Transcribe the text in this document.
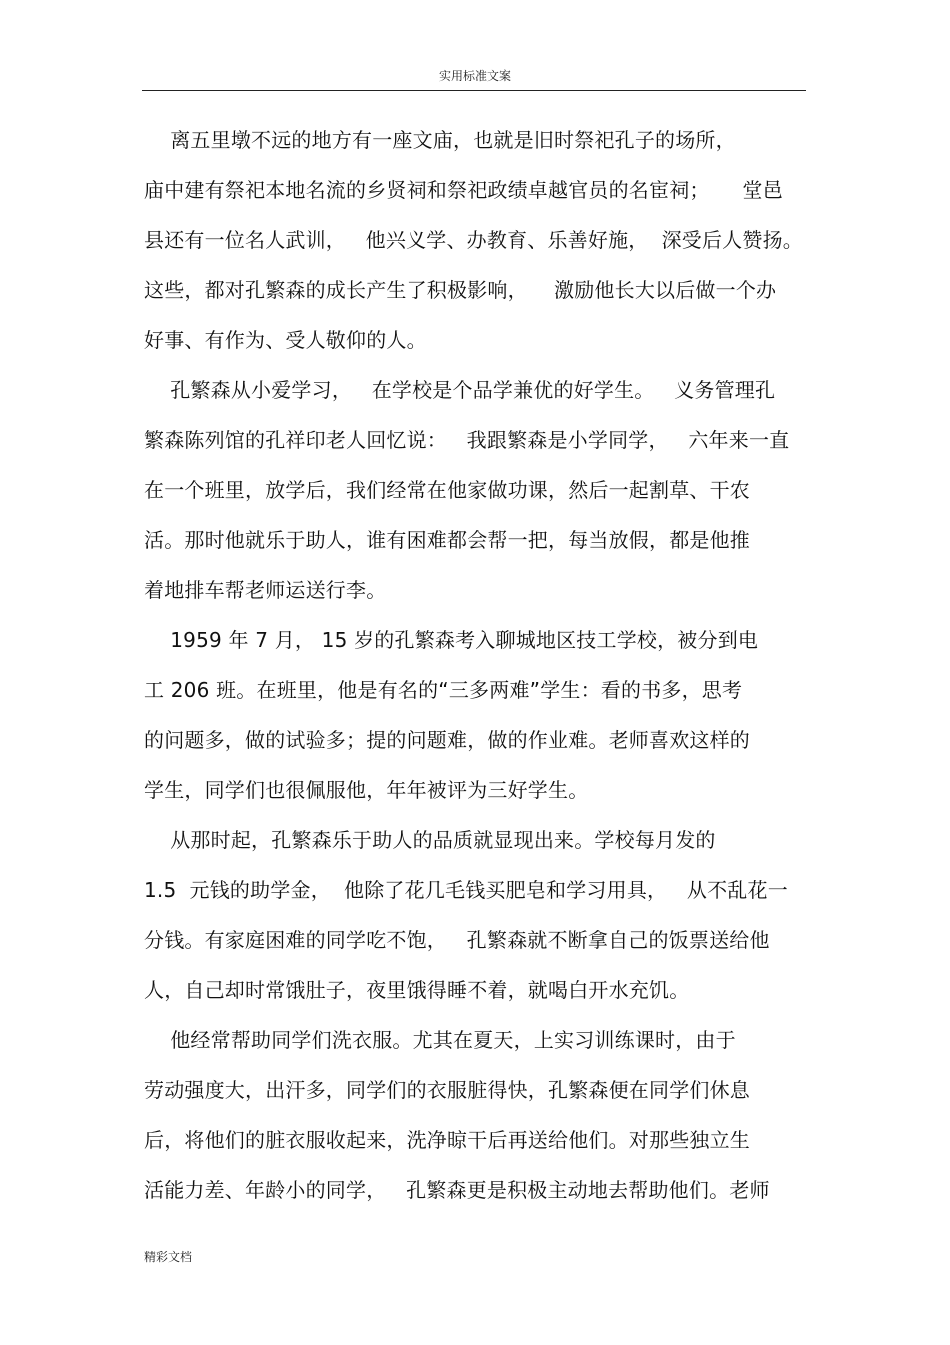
实用标准文案
离五里墩不远的地方有一座文庙，也就是旧时祭祀孔子的场所，
庙中建有祭祀本地名流的乡贤祠和祭祀政绩卓越官员的名宦祠；     堂邑
县还有一位名人武训，   他兴义学、办教育、乐善好施，  深受后人赞扬。
这些，都对孔繁森的成长产生了积极影响，    激励他长大以后做一个办
好事、有作为、受人敬仰的人。
孔繁森从小爱学习，   在学校是个品学兼优的好学生。   义务管理孔
繁森陈列馆的孔祥印老人回忆说：   我跟繁森是小学同学，   六年来一直
在一个班里，放学后，我们经常在他家做功课，然后一起割草、干农
活。那时他就乐于助人，谁有困难都会帮一把，每当放假，都是他推
着地排车帮老师运送行李。
1959 年 7 月， 15 岁的孔繁森考入聊城地区技工学校，被分到电
工 206 班。在班里，他是有名的“三多两难”学生：看的书多，思考
的问题多，做的试验多；提的问题难，做的作业难。老师喜欢这样的
学生，同学们也很佩服他，年年被评为三好学生。
从那时起，孔繁森乐于助人的品质就显现出来。学校每月发的
1.5  元钱的助学金，  他除了花几毛钱买肥皂和学习用具，   从不乱花一
分钱。有家庭困难的同学吃不饱，   孔繁森就不断拿自己的饭票送给他
人，自己却时常饿肚子，夜里饿得睡不着，就喝白开水充饥。
他经常帮助同学们洗衣服。尤其在夏天，上实习训练课时，由于
劳动强度大，出汗多，同学们的衣服脏得快，孔繁森便在同学们休息
后，将他们的脏衣服收起来，洗净晾干后再送给他们。对那些独立生
活能力差、年龄小的同学，   孔繁森更是积极主动地去帮助他们。老师
精彩文档
